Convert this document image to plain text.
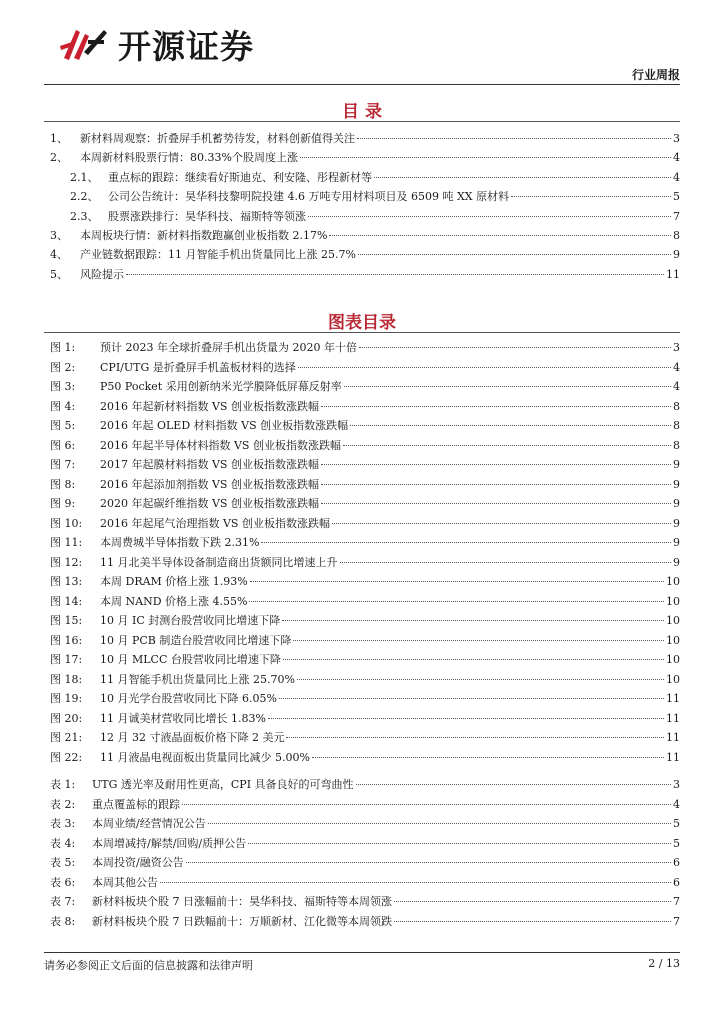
开源证券
行业周报
目 录
1、	新材料周观察：折叠屏手机蓄势待发，材料创新值得关注	3
2、	本周新材料股票行情：80.33%个股周度上涨	4
2.1、 重点标的跟踪：继续看好斯迪克、利安隆、彤程新材等	4
2.2、 公司公告统计：昊华科技黎明院投建 4.6 万吨专用材料项目及 6509 吨 XX 原材料	5
2.3、 股票涨跌排行：昊华科技、福斯特等领涨	7
3、	本周板块行情：新材料指数跑赢创业板指数 2.17%	8
4、	产业链数据跟踪：11 月智能手机出货量同比上涨 25.7%	9
5、	风险提示	11
图表目录
图 1:	预计 2023 年全球折叠屏手机出货量为 2020 年十倍	3
图 2:	CPI/UTG 是折叠屏手机盖板材料的选择	4
图 3:	P50 Pocket 采用创新纳米光学膜降低屏幕反射率	4
图 4:	2016 年起新材料指数 VS 创业板指数涨跌幅	8
图 5:	2016 年起 OLED 材料指数 VS 创业板指数涨跌幅	8
图 6:	2016 年起半导体材料指数 VS 创业板指数涨跌幅	8
图 7:	2017 年起膜材料指数 VS 创业板指数涨跌幅	9
图 8:	2016 年起添加剂指数 VS 创业板指数涨跌幅	9
图 9:	2020 年起碳纤维指数 VS 创业板指数涨跌幅	9
图 10:	2016 年起尾气治理指数 VS 创业板指数涨跌幅	9
图 11:	本周费城半导体指数下跌 2.31%	9
图 12:	11 月北美半导体设备制造商出货额同比增速上升	9
图 13:	本周 DRAM 价格上涨 1.93%	10
图 14:	本周 NAND 价格上涨 4.55%	10
图 15:	10 月 IC 封测台股营收同比增速下降	10
图 16:	10 月 PCB 制造台股营收同比增速下降	10
图 17:	10 月 MLCC 台股营收同比增速下降	10
图 18:	11 月智能手机出货量同比上涨 25.70%	10
图 19:	10 月光学台股营收同比下降 6.05%	11
图 20:	11 月诚美材营收同比增长 1.83%	11
图 21:	12 月 32 寸液晶面板价格下降 2 美元	11
图 22:	11 月液晶电视面板出货量同比减少 5.00%	11
表 1:	UTG 透光率及耐用性更高，CPI 具备良好的可弯曲性	3
表 2:	重点覆盖标的跟踪	4
表 3:	本周业绩/经营情况公告	5
表 4:	本周增减持/解禁/回购/质押公告	5
表 5:	本周投资/融资公告	6
表 6:	本周其他公告	6
表 7:	新材料板块个股 7 日涨幅前十：昊华科技、福斯特等本周领涨	7
表 8:	新材料板块个股 7 日跌幅前十：万顺新材、江化微等本周领跌	7
请务必参阅正文后面的信息披露和法律声明	2 / 13
